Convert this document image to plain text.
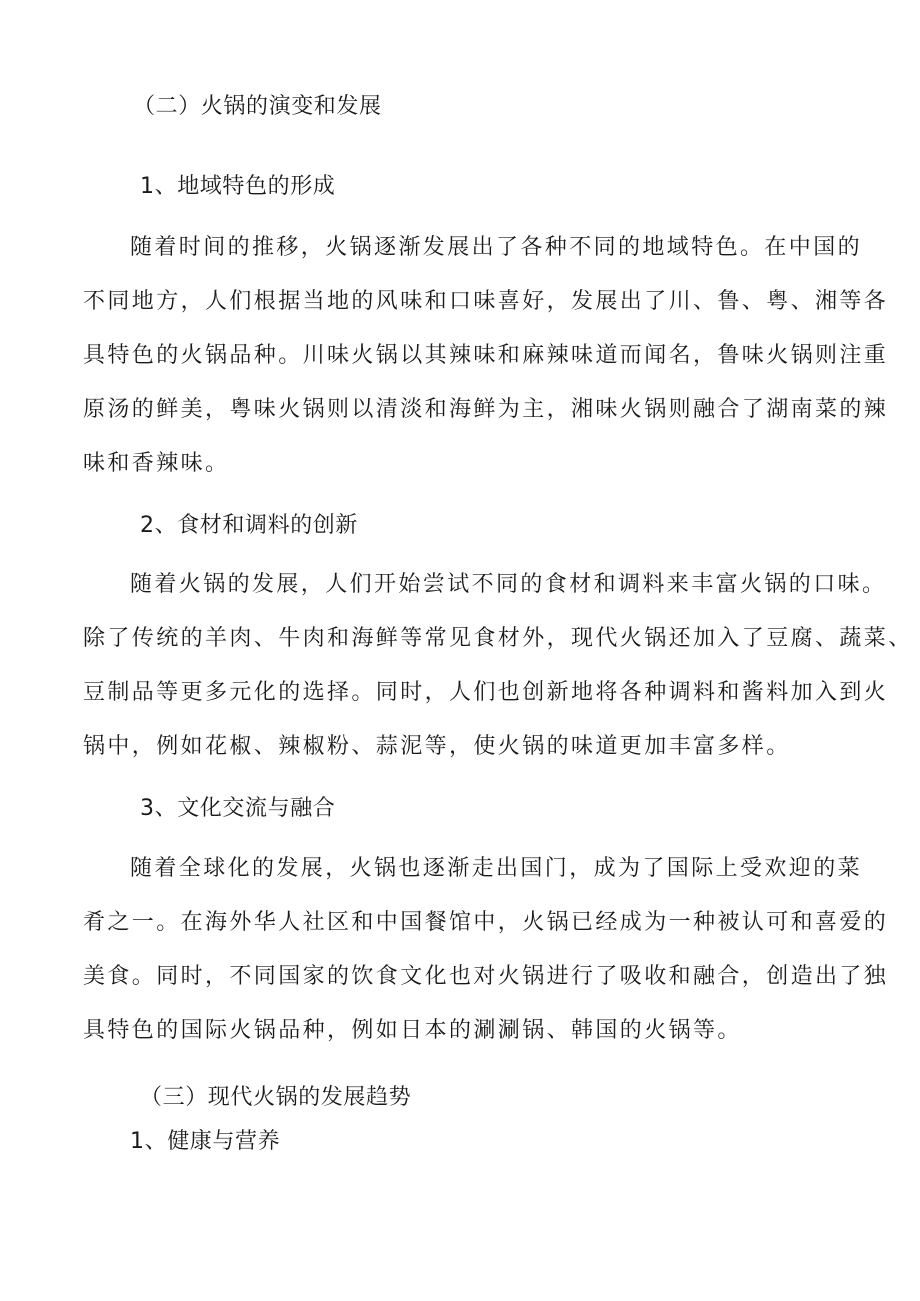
（二）火锅的演变和发展
1、地域特色的形成
随着时间的推移，火锅逐渐发展出了各种不同的地域特色。在中国的
不同地方，人们根据当地的风味和口味喜好，发展出了川、鲁、粤、湘等各
具特色的火锅品种。川味火锅以其辣味和麻辣味道而闻名，鲁味火锅则注重
原汤的鲜美，粤味火锅则以清淡和海鲜为主，湘味火锅则融合了湖南菜的辣
味和香辣味。
2、食材和调料的创新
随着火锅的发展，人们开始尝试不同的食材和调料来丰富火锅的口味。
除了传统的羊肉、牛肉和海鲜等常见食材外，现代火锅还加入了豆腐、蔬菜、
豆制品等更多元化的选择。同时，人们也创新地将各种调料和酱料加入到火
锅中，例如花椒、辣椒粉、蒜泥等，使火锅的味道更加丰富多样。
3、文化交流与融合
随着全球化的发展，火锅也逐渐走出国门，成为了国际上受欢迎的菜
肴之一。在海外华人社区和中国餐馆中，火锅已经成为一种被认可和喜爱的
美食。同时，不同国家的饮食文化也对火锅进行了吸收和融合，创造出了独
具特色的国际火锅品种，例如日本的涮涮锅、韩国的火锅等。
（三）现代火锅的发展趋势
1、健康与营养
